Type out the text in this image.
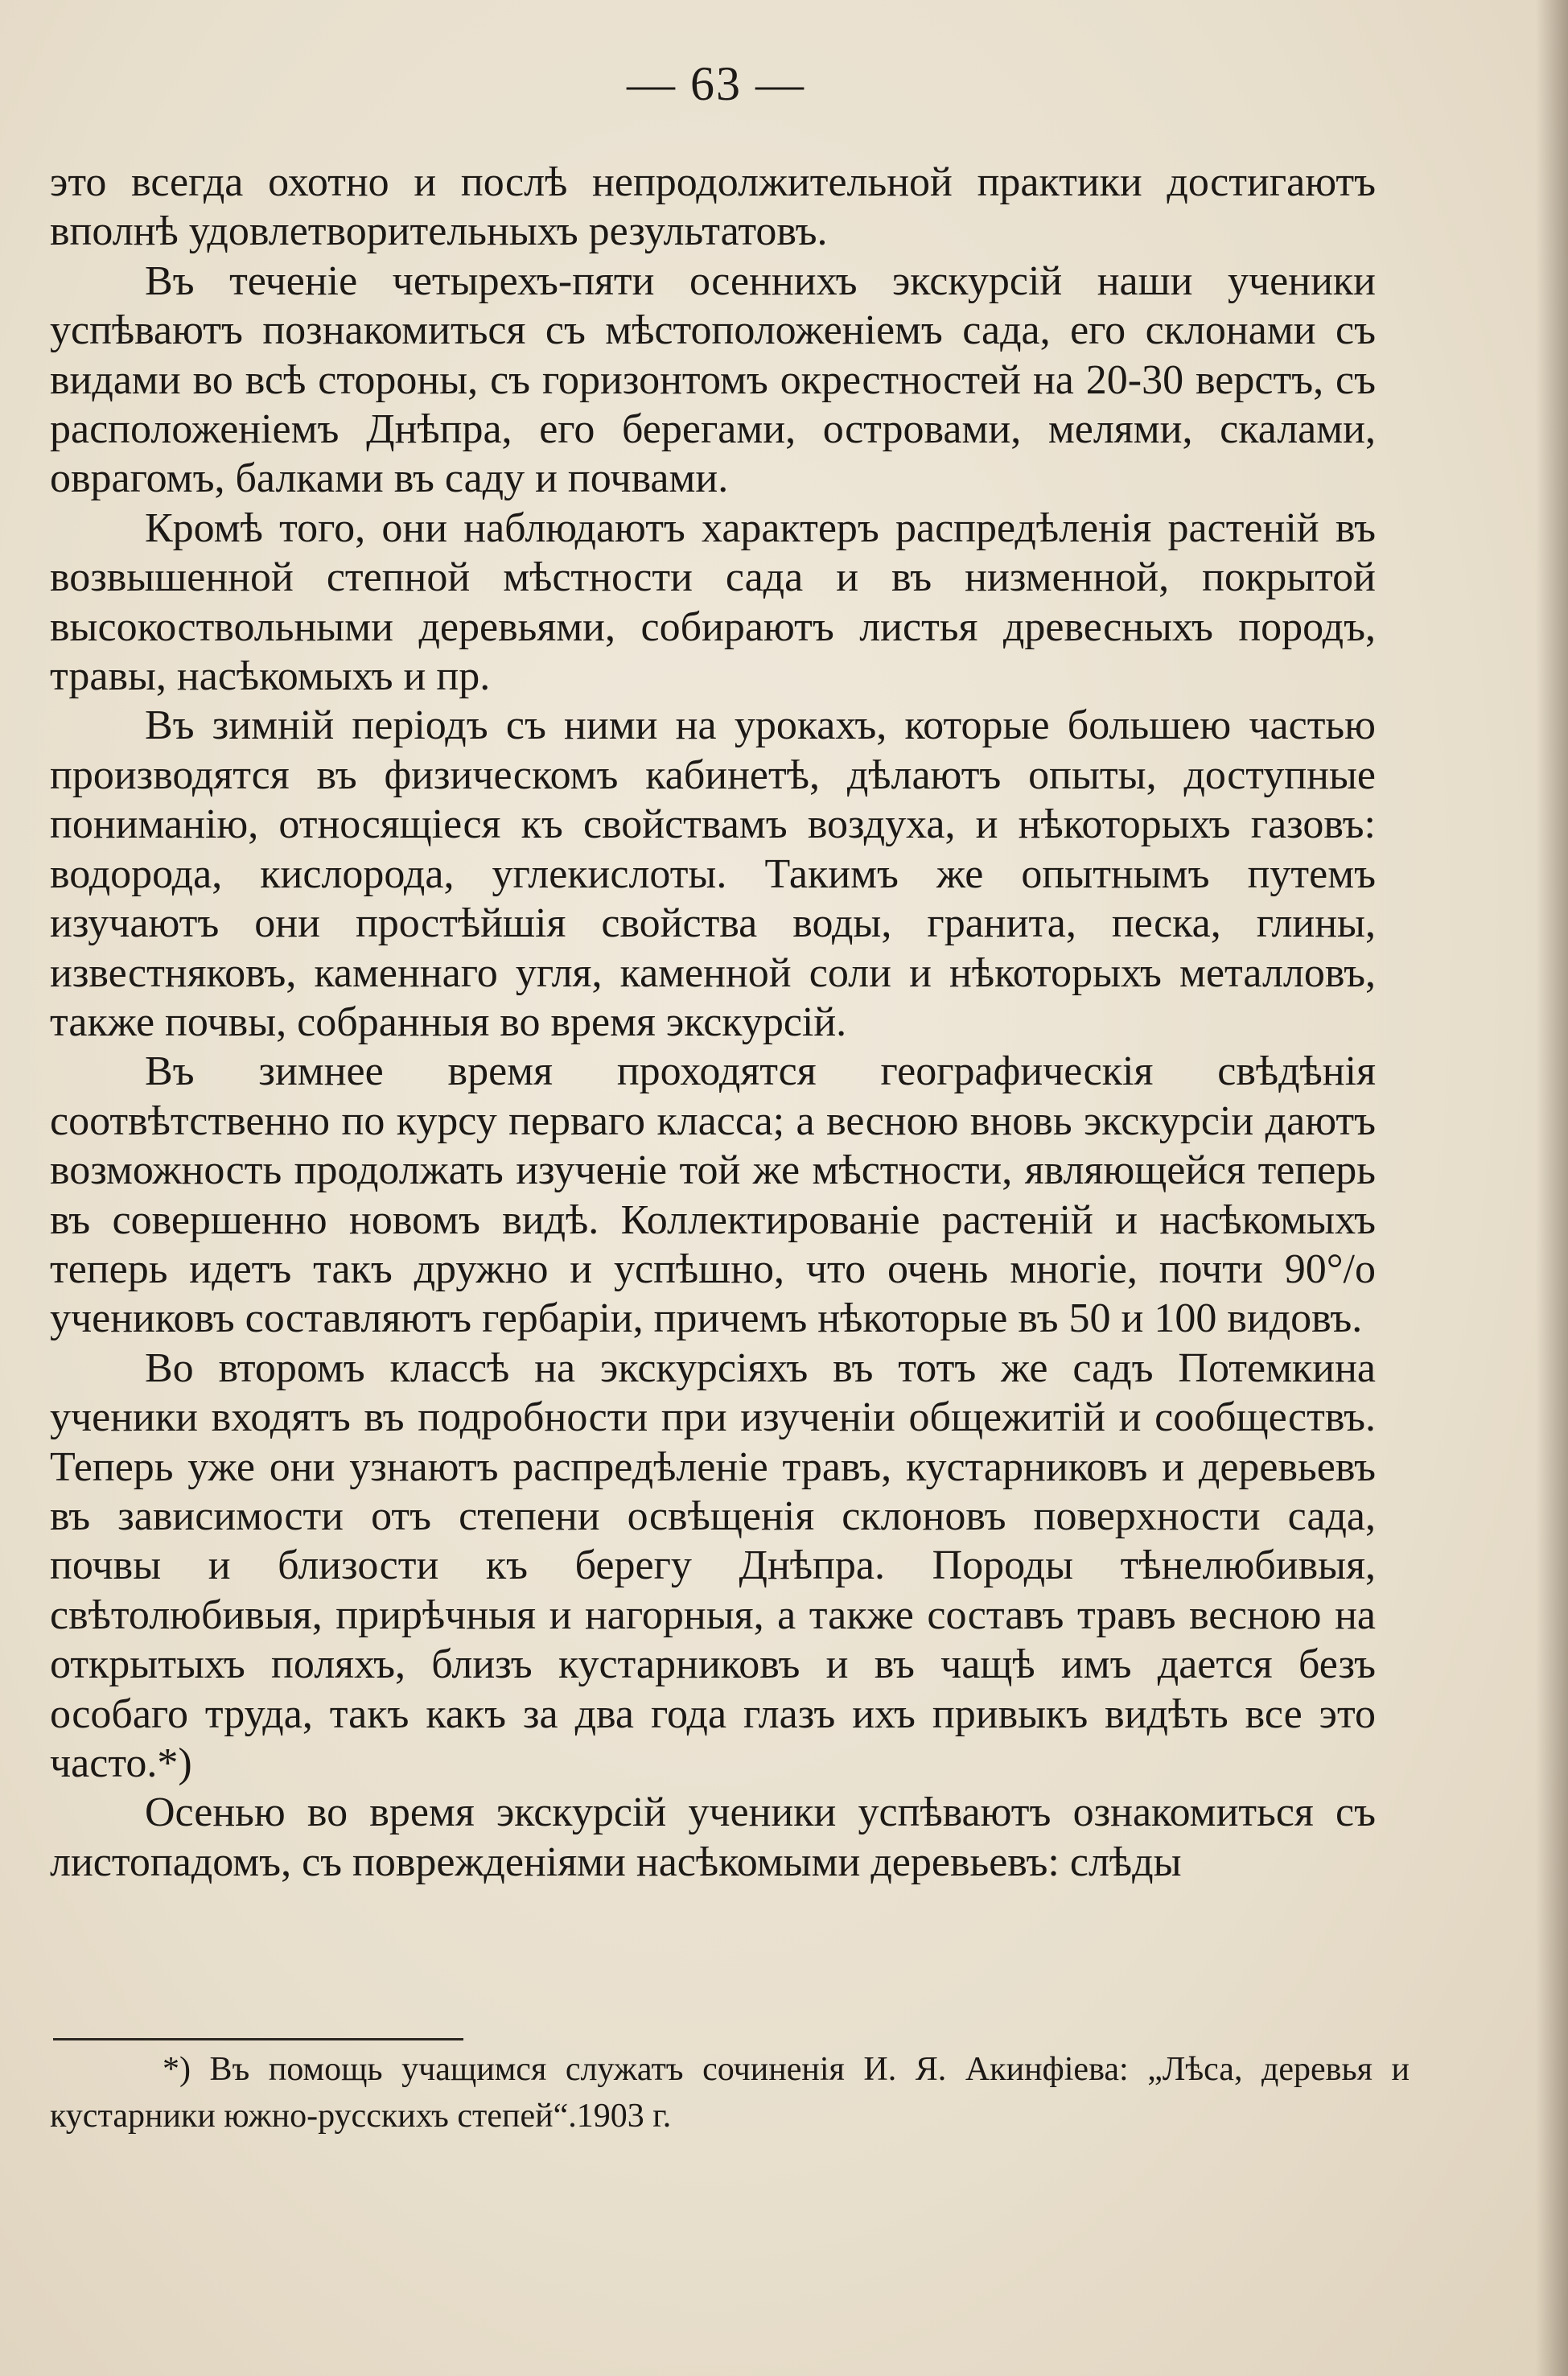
— 63 —

это всегда охотно и послѣ непродолжительной практики достигаютъ вполнѣ удовлетворительныхъ результатовъ.

Въ теченіе четырехъ-пяти осеннихъ экскурсій наши ученики успѣваютъ познакомиться съ мѣстоположеніемъ сада, его склонами съ видами во всѣ стороны, съ горизонтомъ окрестностей на 20-30 верстъ, съ расположеніемъ Днѣпра, его берегами, островами, мелями, скалами, оврагомъ, балками въ саду и почвами.

Кромѣ того, они наблюдаютъ характеръ распредѣленія растеній въ возвышенной степной мѣстности сада и въ низменной, покрытой высокоствольными деревьями, собираютъ листья древесныхъ породъ, травы, насѣкомыхъ и пр.

Въ зимній періодъ съ ними на урокахъ, которые большею частью производятся въ физическомъ кабинетѣ, дѣлаютъ опыты, доступные пониманію, относящіеся къ свойствамъ воздуха, и нѣкоторыхъ газовъ: водорода, кислорода, углекислоты. Такимъ же опытнымъ путемъ изучаютъ они простѣйшія свойства воды, гранита, песка, глины, известняковъ, каменнаго угля, каменной соли и нѣкоторыхъ металловъ, также почвы, собранныя во время экскурсій.

Въ зимнее время проходятся географическія свѣдѣнія соотвѣтственно по курсу перваго класса; а весною вновь экскурсіи даютъ возможность продолжать изученіе той же мѣстности, являющейся теперь въ совершенно новомъ видѣ. Коллектированіе растеній и насѣкомыхъ теперь идетъ такъ дружно и успѣшно, что очень многіе, почти 90°/о учениковъ составляютъ гербаріи, причемъ нѣкоторые въ 50 и 100 видовъ.

Во второмъ классѣ на экскурсіяхъ въ тотъ же садъ Потемкина ученики входятъ въ подробности при изученіи общежитій и сообществъ. Теперь уже они узнаютъ распредѣленіе травъ, кустарниковъ и деревьевъ въ зависимости отъ степени освѣщенія склоновъ поверхности сада, почвы и близости къ берегу Днѣпра. Породы тѣнелюбивыя, свѣтолюбивыя, прирѣчныя и нагорныя, а также составъ травъ весною на открытыхъ поляхъ, близъ кустарниковъ и въ чащѣ имъ дается безъ особаго труда, такъ какъ за два года глазъ ихъ привыкъ видѣть все это часто.*)

Осенью во время экскурсій ученики успѣваютъ ознакомиться съ листопадомъ, съ поврежденіями насѣкомыми деревьевъ: слѣды

*) Въ помощь учащимся служатъ сочиненія И. Я. Акинфіева: „Лѣса, деревья и кустарники южно-русскихъ степей“.1903 г.
